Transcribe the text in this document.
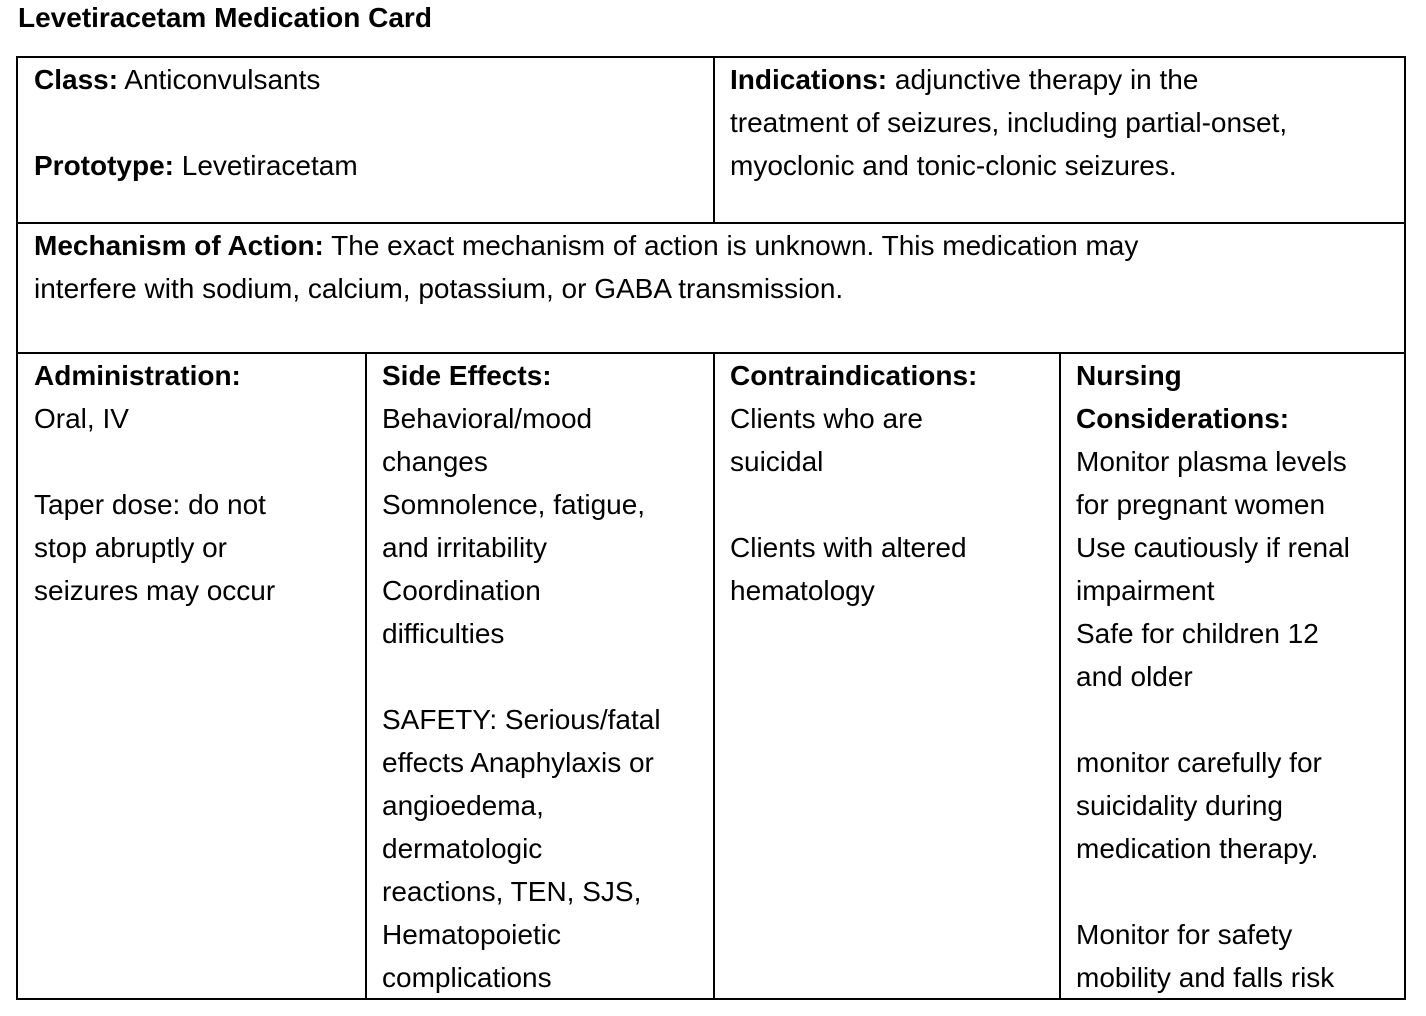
Levetiracetam Medication Card
Class: Anticonvulsants
Prototype: Levetiracetam
Indications: adjunctive therapy in the
treatment of seizures, including partial-onset,
myoclonic and tonic-clonic seizures.
Mechanism of Action: The exact mechanism of action is unknown. This medication may
interfere with sodium, calcium, potassium, or GABA transmission.
Administration:
Oral, IV
Taper dose: do not
stop abruptly or
seizures may occur
Side Effects:
Behavioral/mood
changes
Somnolence, fatigue,
and irritability
Coordination
difficulties
SAFETY: Serious/fatal
effects Anaphylaxis or
angioedema,
dermatologic
reactions, TEN, SJS,
Hematopoietic
complications
Contraindications:
Clients who are
suicidal
Clients with altered
hematology
Nursing
Considerations:
Monitor plasma levels
for pregnant women
Use cautiously if renal
impairment
Safe for children 12
and older
monitor carefully for
suicidality during
medication therapy.
Monitor for safety
mobility and falls risk
